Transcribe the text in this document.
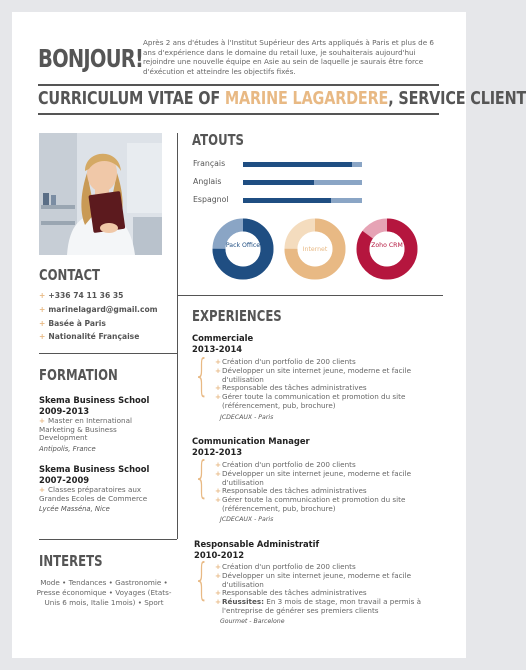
BONJOUR!
Après 2 ans d'études à l'Institut Supérieur des Arts appliqués à Paris et plus de 6 ans d'expérience dans le domaine du retail luxe, je souhaiterais aujourd'hui rejoindre une nouvelle équipe en Asie au sein de laquelle je saurais être force d'éxécution et atteindre les objectifs fixés.
CURRICULUM VITAE OF MARINE LAGARDERE, SERVICE CLIENT
CONTACT
+ +336 74 11 36 35
+ marinelagard@gmail.com
+ Basée à Paris
+ Nationalité Française
FORMATION
Skema Business School
2009-2013
+ Master en International Marketing & Business Development
Antipolis, France
Skema Business School
2007-2009
+ Classes préparatoires aux Grandes Ecoles de Commerce
Lycée Masséna, Nice
INTERETS
Mode • Tendances • Gastronomie • Presse économique • Voyages (Etats-Unis 6 mois, Italie 1mois) • Sport
ATOUTS
Français
Anglais
Espagnol
Pack Office
Internet
Zoho CRM
EXPERIENCES
Commerciale
2013-2014
{	+ Création d'un portfolio de 200 clients
+ Développer un site internet jeune, moderne et facile d'utilisation
+ Responsable des tâches administratives
+ Gérer toute la communication et promotion du site (référencement, pub, brochure)
JCDECAUX - Paris
Communication Manager
2012-2013
{	+ Création d'un portfolio de 200 clients
+ Développer un site internet jeune, moderne et facile d'utilisation
+ Responsable des tâches administratives
+ Gérer toute la communication et promotion du site (référencement, pub, brochure)
JCDECAUX - Paris
Responsable Administratif
2010-2012
{	+ Création d'un portfolio de 200 clients
+ Développer un site internet jeune, moderne et facile d'utilisation
+ Responsable des tâches administratives
+ Réussites: En 3 mois de stage, mon travail a permis à l'entreprise de générer ses premiers clients
Gourmet - Barcelone
